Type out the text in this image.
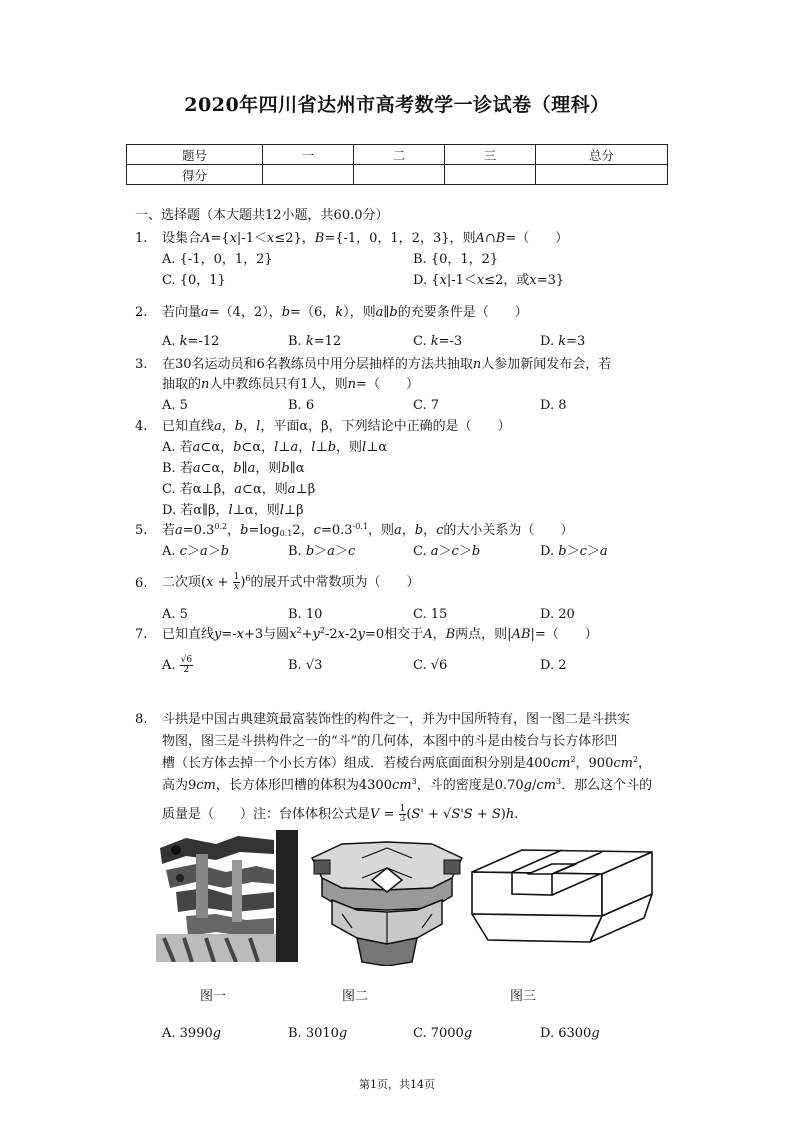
2020年四川省达州市高考数学一诊试卷（理科）
题号	一	二	三	总分
得分				
一、选择题（本大题共12小题，共60.0分）
1. 设集合A={x|-1＜x≤2}，B={-1，0，1，2，3}，则A∩B=（　　）
A. {-1，0，1，2}	B. {0，1，2}
C. {0，1}	D. {x|-1＜x≤2，或x=3}
2. 若向量a=（4，2），b=（6，k），则a∥b的充要条件是（　　）
A. k=-12	B. k=12	C. k=-3	D. k=3
3. 在30名运动员和6名教练员中用分层抽样的方法共抽取n人参加新闻发布会，若
抽取的n人中教练员只有1人，则n=（　　）
A. 5	B. 6	C. 7	D. 8
4. 已知直线a，b，l，平面α，β，下列结论中正确的是（　　）
A. 若a⊂α，b⊂α，l⊥a，l⊥b，则l⊥α
B. 若a⊂α，b∥a，则b∥α
C. 若α⊥β，a⊂α，则a⊥β
D. 若α∥β，l⊥α，则l⊥β
5. 若$a=0.3^{0.2}$，$b=\log_{0.1}2$，$c=0.3^{-0.1}$，则a，b，c的大小关系为（　　）
A. c＞a＞b	B. b＞a＞c	C. a＞c＞b	D. b＞c＞a
6. 二次项$(x + \frac{1}{x} )^6$的展开式中常数项为（　　）
A. 5	B. 10	C. 15	D. 20
7. 已知直线y=-x+3与圆$x^2+y^2-2x-2y=0$相交于A，B两点，则|AB|=（　　）
A. $\frac{√6}{2}$	B. √3	C. √6	D. 2
8. 斗拱是中国古典建筑最富装饰性的构件之一，并为中国所特有，图一图二是斗拱实
物图，图三是斗拱构件之一的“斗”的几何体，本图中的斗是由棱台与长方体形凹
槽（长方体去掉一个小长方体）组成．若棱台两底面面积分别是$400cm^2$，$900cm^2$，
高为9cm，长方体形凹槽的体积为$4300cm^3$，斗的密度是$0.70g/cm^3$．那么这个斗的
质量是（　　）注：台体体积公式是$V = \frac{1}{3} (S' + √S'S + S)h$.
图一	图二	图三
A. 3990g	B. 3010g	C. 7000g	D. 6300g
第1页，共14页
